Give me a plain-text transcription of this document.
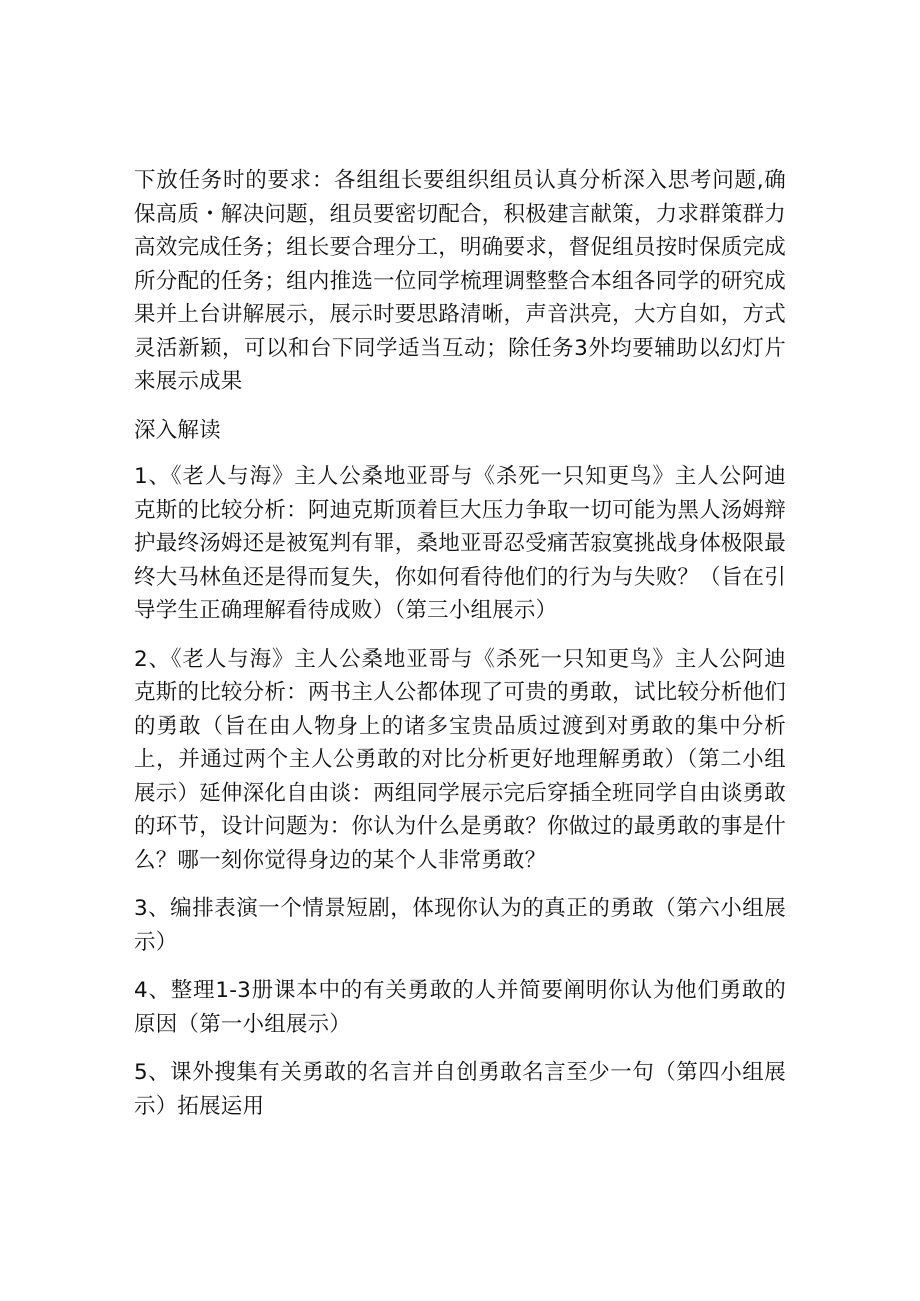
下放任务时的要求：各组组长要组织组员认真分析深入思考问题,确保高质・解决问题，组员要密切配合，积极建言献策，力求群策群力高效完成任务；组长要合理分工，明确要求，督促组员按时保质完成所分配的任务；组内推选一位同学梳理调整整合本组各同学的研究成果并上台讲解展示，展示时要思路清晰，声音洪亮，大方自如，方式灵活新颖，可以和台下同学适当互动；除任务3外均要辅助以幻灯片来展示成果

深入解读

1、《老人与海》主人公桑地亚哥与《杀死一只知更鸟》主人公阿迪克斯的比较分析：阿迪克斯顶着巨大压力争取一切可能为黑人汤姆辩护最终汤姆还是被冤判有罪，桑地亚哥忍受痛苦寂寞挑战身体极限最终大马林鱼还是得而复失，你如何看待他们的行为与失败？（旨在引导学生正确理解看待成败）（第三小组展示）

2、《老人与海》主人公桑地亚哥与《杀死一只知更鸟》主人公阿迪克斯的比较分析：两书主人公都体现了可贵的勇敢，试比较分析他们的勇敢（旨在由人物身上的诸多宝贵品质过渡到对勇敢的集中分析上，并通过两个主人公勇敢的对比分析更好地理解勇敢）（第二小组展示）延伸深化自由谈：两组同学展示完后穿插全班同学自由谈勇敢的环节，设计问题为：你认为什么是勇敢？你做过的最勇敢的事是什么？哪一刻你觉得身边的某个人非常勇敢？

3、编排表演一个情景短剧，体现你认为的真正的勇敢（第六小组展示）

4、整理1-3册课本中的有关勇敢的人并简要阐明你认为他们勇敢的原因（第一小组展示）

5、课外搜集有关勇敢的名言并自创勇敢名言至少一句（第四小组展示）拓展运用
